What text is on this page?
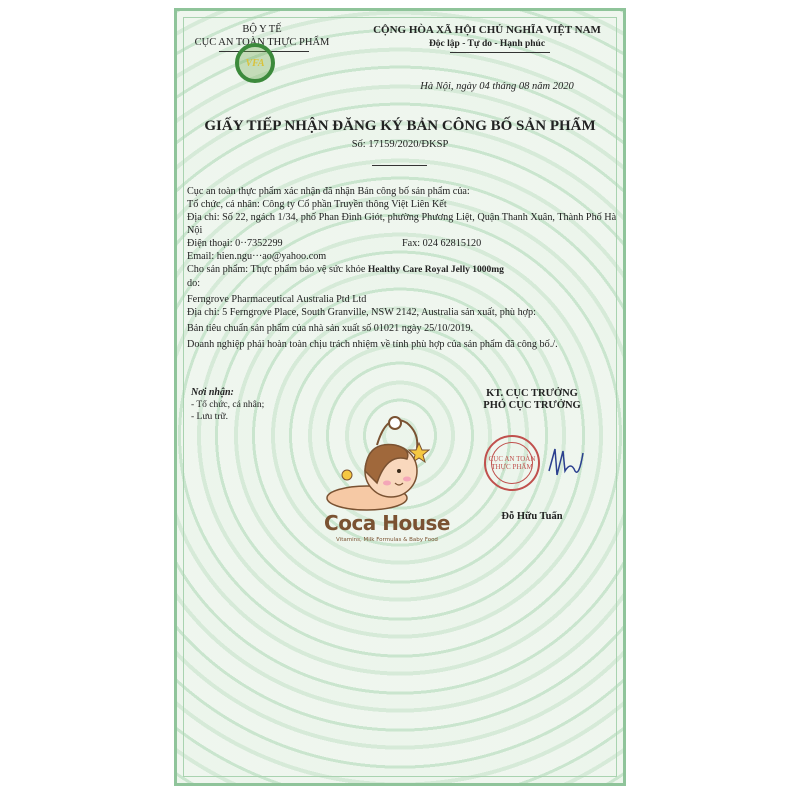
BỘ Y TẾ
CỤC AN TOÀN THỰC PHẨM
VFA
CỘNG HÒA XÃ HỘI CHỦ NGHĨA VIỆT NAM
Độc lập - Tự do - Hạnh phúc
Hà Nội, ngày 04 tháng 08 năm 2020
GIẤY TIẾP NHẬN ĐĂNG KÝ BẢN CÔNG BỐ SẢN PHẨM
Số: 17159/2020/ĐKSP

Cục an toàn thực phẩm xác nhận đã nhận Bản công bố sản phẩm của:

Tổ chức, cá nhân: Công ty Cổ phần Truyền thông Việt Liên Kết

Địa chỉ: Số 22, ngách 1/34, phố Phan Đình Giót, phường Phương Liệt, Quận Thanh Xuân, Thành Phố Hà Nội

Điện thoại: 0··7352299	Fax: 024 62815120

Email: hien.ngu···ao@yahoo.com

Cho sản phẩm: Thực phẩm bảo vệ sức khỏe Healthy Care Royal Jelly 1000mg

do:

Ferngrove Pharmaceutical Australia Ptd Ltd

Địa chỉ: 5 Ferngrove Place, South Granville, NSW 2142, Australia sản xuất, phù hợp:

Bản tiêu chuẩn sản phẩm của nhà sản xuất số 01021 ngày 25/10/2019.

Doanh nghiệp phải hoàn toàn chịu trách nhiệm về tính phù hợp của sản phẩm đã công bố./.

Nơi nhận:
- Tổ chức, cá nhân;
- Lưu trữ.
KT. CỤC TRƯỞNG
PHÓ CỤC TRƯỞNG
CỤC AN TOÀN THỰC PHẨM
Đỗ Hữu Tuấn
Coca House
Vitamins, Milk Formulas & Baby Food
